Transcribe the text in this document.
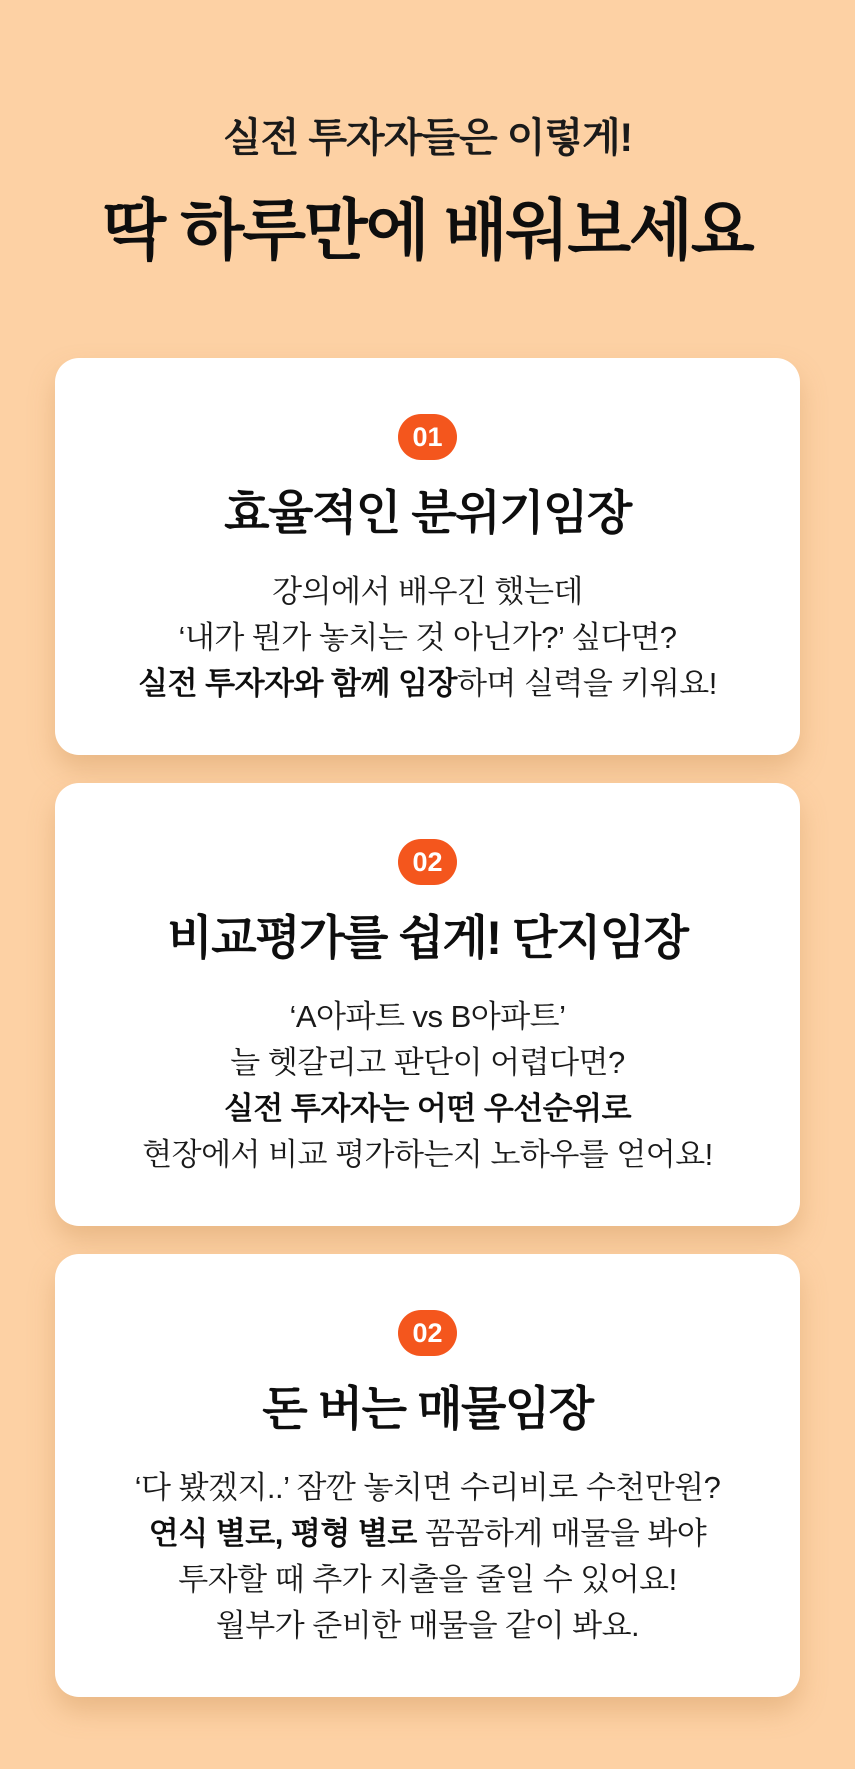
실전 투자자들은 이렇게!
딱 하루만에 배워보세요
01
효율적인 분위기임장

강의에서 배우긴 했는데

‘내가 뭔가 놓치는 것 아닌가?’ 싶다면?

실전 투자자와 함께 임장하며 실력을 키워요!

02
비교평가를 쉽게! 단지임장

‘A아파트 vs B아파트’

늘 헷갈리고 판단이 어렵다면?

실전 투자자는 어떤 우선순위로

현장에서 비교 평가하는지 노하우를 얻어요!

02
돈 버는 매물임장

‘다 봤겠지..’ 잠깐 놓치면 수리비로 수천만원?

연식 별로, 평형 별로 꼼꼼하게 매물을 봐야

투자할 때 추가 지출을 줄일 수 있어요!

월부가 준비한 매물을 같이 봐요.
